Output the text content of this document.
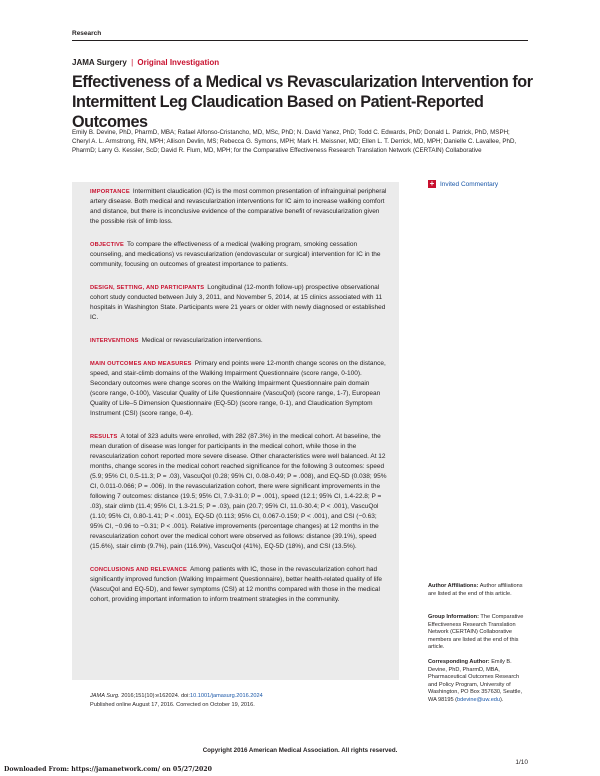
Research
JAMA Surgery | Original Investigation
Effectiveness of a Medical vs Revascularization Intervention for Intermittent Leg Claudication Based on Patient-Reported Outcomes

Emily B. Devine, PhD, PharmD, MBA; Rafael Alfonso-Cristancho, MD, MSc, PhD; N. David Yanez, PhD; Todd C. Edwards, PhD; Donald L. Patrick, PhD, MSPH; Cheryl A. L. Armstrong, RN, MPH; Allison Devlin, MS; Rebecca G. Symons, MPH; Mark H. Meissner, MD; Ellen L. T. Derrick, MD, MPH; Danielle C. Lavallee, PhD, PharmD; Larry G. Kessler, ScD; David R. Flum, MD, MPH; for the Comparative Effectiveness Research Translation Network (CERTAIN) Collaborative

IMPORTANCE Intermittent claudication (IC) is the most common presentation of infrainguinal peripheral artery disease. Both medical and revascularization interventions for IC aim to increase walking comfort and distance, but there is inconclusive evidence of the comparative benefit of revascularization given the possible risk of limb loss.

OBJECTIVE To compare the effectiveness of a medical (walking program, smoking cessation counseling, and medications) vs revascularization (endovascular or surgical) intervention for IC in the community, focusing on outcomes of greatest importance to patients.

DESIGN, SETTING, AND PARTICIPANTS Longitudinal (12-month follow-up) prospective observational cohort study conducted between July 3, 2011, and November 5, 2014, at 15 clinics associated with 11 hospitals in Washington State. Participants were 21 years or older with newly diagnosed or established IC.

INTERVENTIONS Medical or revascularization interventions.

MAIN OUTCOMES AND MEASURES Primary end points were 12-month change scores on the distance, speed, and stair-climb domains of the Walking Impairment Questionnaire (score range, 0-100). Secondary outcomes were change scores on the Walking Impairment Questionnaire pain domain (score range, 0-100), Vascular Quality of Life Questionnaire (VascuQol) (score range, 1-7), European Quality of Life–5 Dimension Questionnaire (EQ-5D) (score range, 0-1), and Claudication Symptom Instrument (CSI) (score range, 0-4).

RESULTS A total of 323 adults were enrolled, with 282 (87.3%) in the medical cohort. At baseline, the mean duration of disease was longer for participants in the medical cohort, while those in the revascularization cohort reported more severe disease. Other characteristics were well balanced. At 12 months, change scores in the medical cohort reached significance for the following 3 outcomes: speed (5.9; 95% CI, 0.5-11.3; P = .03), VascuQol (0.28; 95% CI, 0.08-0.49; P = .008), and EQ-5D (0.038; 95% CI, 0.011-0.066; P = .006). In the revascularization cohort, there were significant improvements in the following 7 outcomes: distance (19.5; 95% CI, 7.9-31.0; P = .001), speed (12.1; 95% CI, 1.4-22.8; P = .03), stair climb (11.4; 95% CI, 1.3-21.5; P = .03), pain (20.7; 95% CI, 11.0-30.4; P < .001), VascuQol (1.10; 95% CI, 0.80-1.41; P < .001), EQ-5D (0.113; 95% CI, 0.067-0.159; P < .001), and CSI (−0.63; 95% CI, −0.96 to −0.31; P < .001). Relative improvements (percentage changes) at 12 months in the revascularization cohort over the medical cohort were observed as follows: distance (39.1%), speed (15.6%), stair climb (9.7%), pain (116.9%), VascuQol (41%), EQ-5D (18%), and CSI (13.5%).

CONCLUSIONS AND RELEVANCE Among patients with IC, those in the revascularization cohort had significantly improved function (Walking Impairment Questionnaire), better health-related quality of life (VascuQol and EQ-5D), and fewer symptoms (CSI) at 12 months compared with those in the medical cohort, providing important information to inform treatment strategies in the community.

JAMA Surg. 2016;151(10):e162024. doi:10.1001/jamasurg.2016.2024
Published online August 17, 2016. Corrected on October 19, 2016.
+ Invited Commentary
Author Affiliations: Author affiliations are listed at the end of this article.
Group Information: The Comparative Effectiveness Research Translation Network (CERTAIN) Collaborative members are listed at the end of this article.
Corresponding Author: Emily B. Devine, PhD, PharmD, MBA, Pharmaceutical Outcomes Research and Policy Program, University of Washington, PO Box 357630, Seattle, WA 98195 (bdevine@uw.edu).
Copyright 2016 American Medical Association. All rights reserved.
1/10
Downloaded From: https://jamanetwork.com/ on 05/27/2020
